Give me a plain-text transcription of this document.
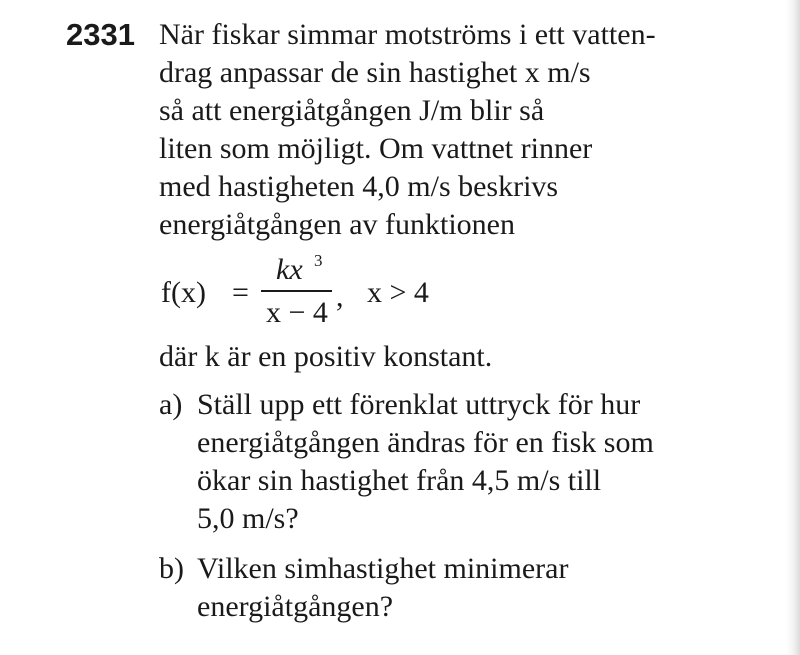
2331 När fiskar simmar motströms i ett vatten-
drag anpassar de sin hastighet x m/s
så att energiåtgången J/m blir så
liten som möjligt. Om vattnet rinner
med hastigheten 4,0 m/s beskrivs
energiåtgången av funktionen
f(x) =
kx 3
x − 4 , x > 4
där k är en positiv konstant.
a) Ställ upp ett förenklat uttryck för hur
energiåtgången ändras för en fisk som
ökar sin hastighet från 4,5 m/s till
5,0 m/s?
b) Vilken simhastighet minimerar
energiåtgången?
